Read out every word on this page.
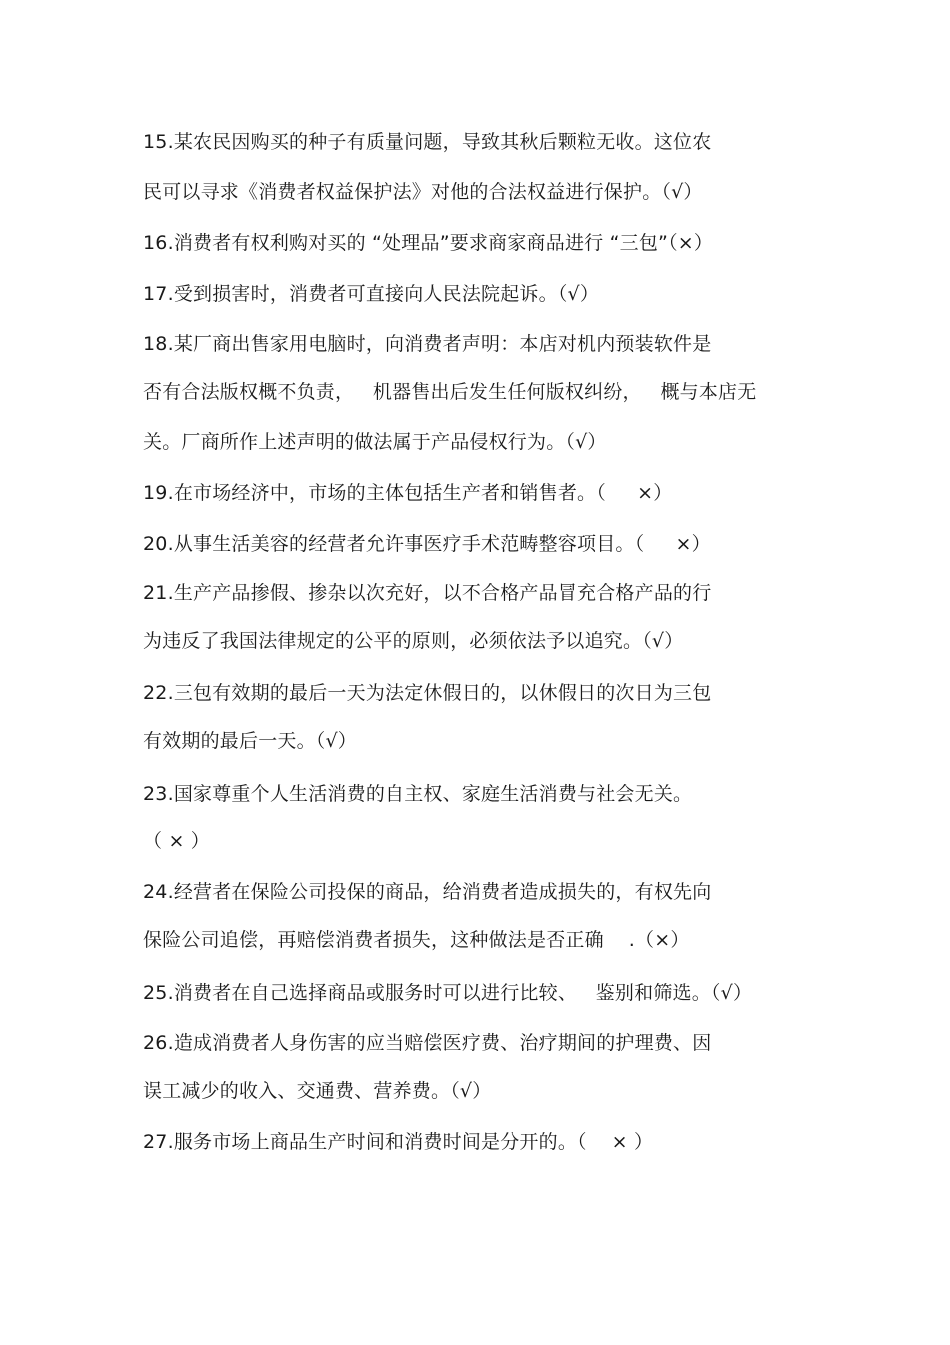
15.某农民因购买的种子有质量问题，导致其秋后颗粒无收。这位农
民可以寻求《消费者权益保护法》对他的合法权益进行保护。（√）
16.消费者有权利购对买的 “处理品”要求商家商品进行 “三包”（×）
17.受到损害时，消费者可直接向人民法院起诉。（√）
18.某厂商出售家用电脑时，向消费者声明：本店对机内预装软件是
否有合法版权概不负责，   机器售出后发生任何版权纠纷，   概与本店无
关。厂商所作上述声明的做法属于产品侵权行为。（√）
19.在市场经济中，市场的主体包括生产者和销售者。（     ×）
20.从事生活美容的经营者允许事医疗手术范畴整容项目。（     ×）
21.生产产品掺假、掺杂以次充好，以不合格产品冒充合格产品的行
为违反了我国法律规定的公平的原则，必须依法予以追究。（√）
22.三包有效期的最后一天为法定休假日的，以休假日的次日为三包
有效期的最后一天。（√）
23.国家尊重个人生活消费的自主权、家庭生活消费与社会无关。
（ × ）
24.经营者在保险公司投保的商品，给消费者造成损失的，有权先向
保险公司追偿，再赔偿消费者损失，这种做法是否正确    .（×）
25.消费者在自己选择商品或服务时可以进行比较、   鉴别和筛选。（√）
26.造成消费者人身伤害的应当赔偿医疗费、治疗期间的护理费、因
误工减少的收入、交通费、营养费。（√）
27.服务市场上商品生产时间和消费时间是分开的。（    × ）
